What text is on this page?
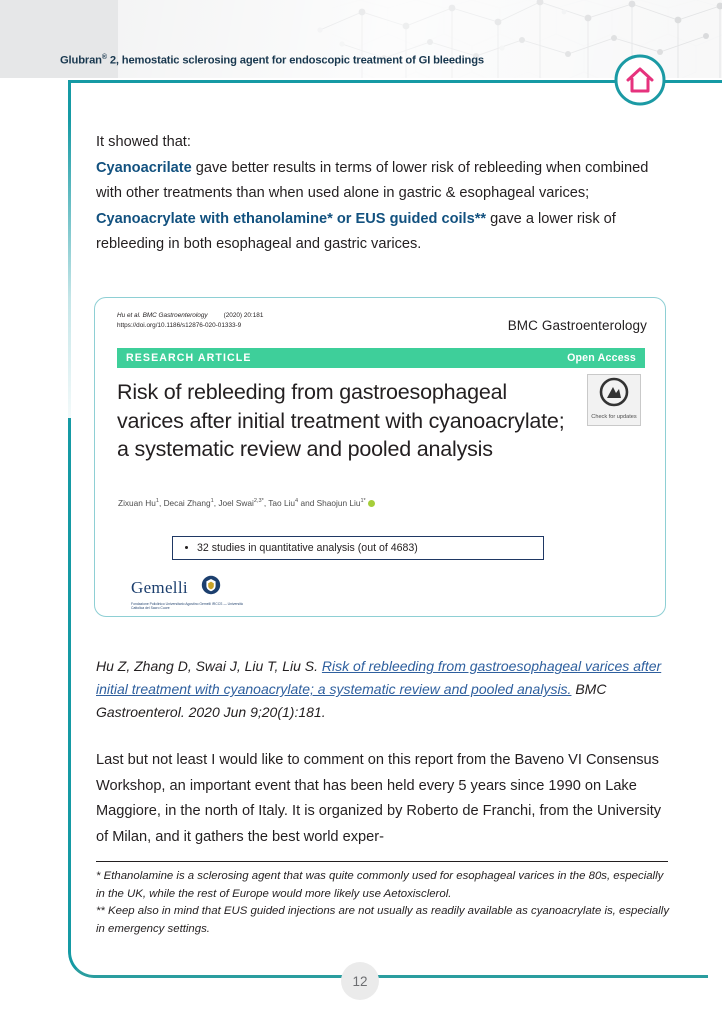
Glubran® 2, hemostatic sclerosing agent for endoscopic treatment of GI bleedings

It showed that:

Cyanoacrilate gave better results in terms of lower risk of rebleeding when combined with other treatments than when used alone in gastric & esophageal varices;

Cyanoacrylate with ethanolamine* or EUS guided coils** gave a lower risk of rebleeding in both esophageal and gastric varices.

Hu et al. BMC Gastroenterology	(2020) 20:181
https://doi.org/10.1186/s12876-020-01333-9	BMC Gastroenterology
RESEARCH ARTICLE	Open Access
Risk of rebleeding from gastroesophageal varices after initial treatment with cyanoacrylate; a systematic review and pooled analysis
Check for updates
Zixuan Hu$^1$, Decai Zhang$^1$, Joel Swai$^{2,3*}$, Tao Liu$^4$ and Shaojun Liu$^{1*}$
32 studies in quantitative analysis (out of 4683)
Gemelli
Fondazione Policlinico Universitario Agostino Gemelli IRCCS — Università Cattolica del Sacro Cuore
Hu Z, Zhang D, Swai J, Liu T, Liu S. Risk of rebleeding from gastroesophageal varices after initial treatment with cyanoacrylate; a systematic review and pooled analysis. BMC Gastroenterol. 2020 Jun 9;20(1):181.
Last but not least I would like to comment on this report from the Baveno VI Consensus Workshop, an important event that has been held every 5 years since 1990 on Lake Maggiore, in the north of Italy. It is organized by Roberto de Franchi, from the University of Milan, and it gathers the best world exper-

* Ethanolamine is a sclerosing agent that was quite commonly used for esophageal varices in the 80s, especially in the UK, while the rest of Europe would more likely use Aetoxisclerol.

** Keep also in mind that EUS guided injections are not usually as readily available as cyanoacrylate is, especially in emergency settings.

12
